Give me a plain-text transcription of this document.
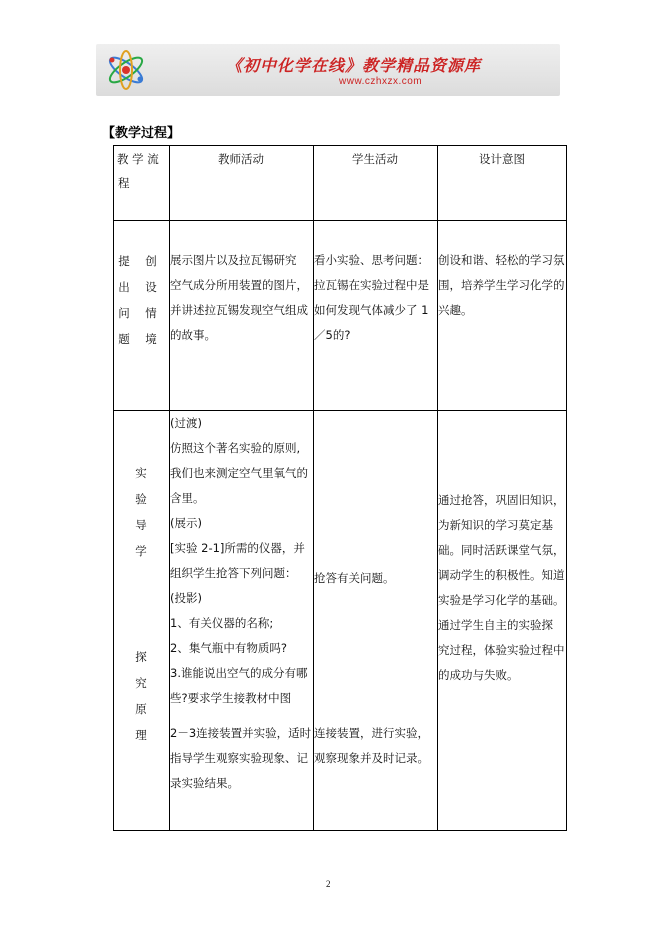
《初中化学在线》教学精品资源库
www.czhxzx.com
【教学过程】
教 学 流
程
教师活动	学生活动	设计意图
提 创
出 设
问 情
题 境
展示图片以及拉瓦锡研究
空气成分所用装置的图片，
并讲述拉瓦锡发现空气组成
的故事。
看小实验、思考问题：
拉瓦锡在实验过程中是
如何发现气体减少了 1
／5的?
创设和谐、轻松的学习氛
围，培养学生学习化学的
兴趣。
实
验
导
学
探
究
原
理
(过渡)
仿照这个著名实验的原则,
我们也来测定空气里氧气的
含里。
(展示)
[实验 2-1]所需的仪器，并
组织学生抢答下列问题：
(投影)
1、有关仪器的名称;
2、集气瓶中有物质吗?
3.谁能说出空气的成分有哪
些?要求学生接教材中图
2－3连接装置并实验，适时
指导学生观察实验现象、记
录实验结果。
抢答有关问题。
连接装置，进行实验，
观察现象并及时记录。
通过抢答，巩固旧知识，
为新知识的学习莫定基
础。同时活跃课堂气氛，
调动学生的积极性。知道
实验是学习化学的基础。
通过学生自主的实验探
究过程，体验实验过程中
的成功与失败。
2
